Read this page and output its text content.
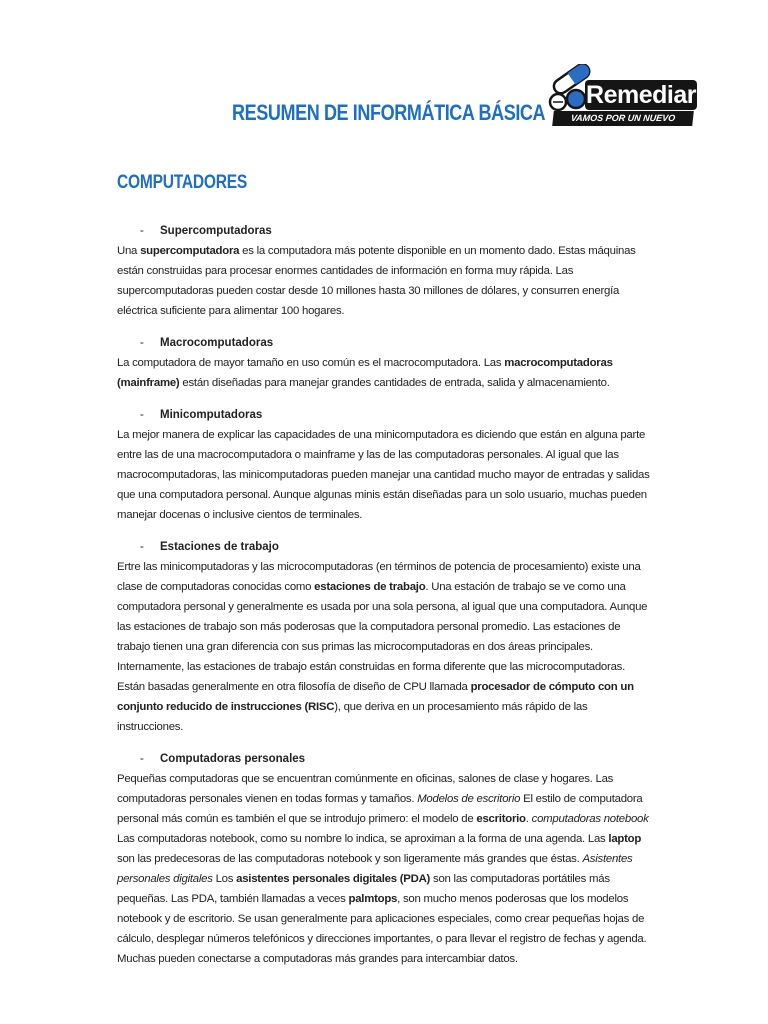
RESUMEN DE INFORMÁTICA BÁSICA
Remediar
VAMOS POR UN NUEVO CENTRO!
COMPUTADORES
- Supercomputadoras
Una supercomputadora es la computadora más potente disponible en un momento dado. Estas máquinas están construidas para procesar enormes cantidades de información en forma muy rápida. Las supercomputadoras pueden costar desde 10 millones hasta 30 millones de dólares, y consurren energía eléctrica suficiente para alimentar 100 hogares.
- Macrocomputadoras
La computadora de mayor tamaño en uso común es el macrocomputadora. Las macrocomputadoras (mainframe) están diseñadas para manejar grandes cantidades de entrada, salida y almacenamiento.
- Minicomputadoras
La mejor manera de explicar las capacidades de una minicomputadora es diciendo que están en alguna parte entre las de una macrocomputadora o mainframe y las de las computadoras personales. Al igual que las macrocomputadoras, las minicomputadoras pueden manejar una cantidad mucho mayor de entradas y salidas que una computadora personal. Aunque algunas minis están diseñadas para un solo usuario, muchas pueden manejar docenas o inclusive cientos de terminales.
- Estaciones de trabajo
Ertre las minicomputadoras y las microcomputadoras (en términos de potencia de procesamiento) existe una clase de computadoras conocidas como estaciones de trabajo. Una estación de trabajo se ve como una computadora personal y generalmente es usada por una sola persona, al igual que una computadora. Aunque las estaciones de trabajo son más poderosas que la computadora personal promedio. Las estaciones de trabajo tienen una gran diferencia con sus primas las microcomputadoras en dos áreas principales. Internamente, las estaciones de trabajo están construidas en forma diferente que las microcomputadoras. Están basadas generalmente en otra filosofía de diseño de CPU llamada procesador de cómputo con un conjunto reducido de instrucciones (RISC), que deriva en un procesamiento más rápido de las instrucciones.
- Computadoras personales
Pequeñas computadoras que se encuentran comúnmente en oficinas, salones de clase y hogares. Las computadoras personales vienen en todas formas y tamaños. Modelos de escritorio El estilo de computadora personal más común es también el que se introdujo primero: el modelo de escritorio. computadoras notebook Las computadoras notebook, como su nombre lo indica, se aproximan a la forma de una agenda. Las laptop son las predecesoras de las computadoras notebook y son ligeramente más grandes que éstas. Asistentes personales digitales Los asistentes personales digitales (PDA) son las computadoras portátiles más pequeñas. Las PDA, también llamadas a veces palmtops, son mucho menos poderosas que los modelos notebook y de escritorio. Se usan generalmente para aplicaciones especiales, como crear pequeñas hojas de cálculo, desplegar números telefónicos y direcciones importantes, o para llevar el registro de fechas y agenda. Muchas pueden conectarse a computadoras más grandes para intercambiar datos.
